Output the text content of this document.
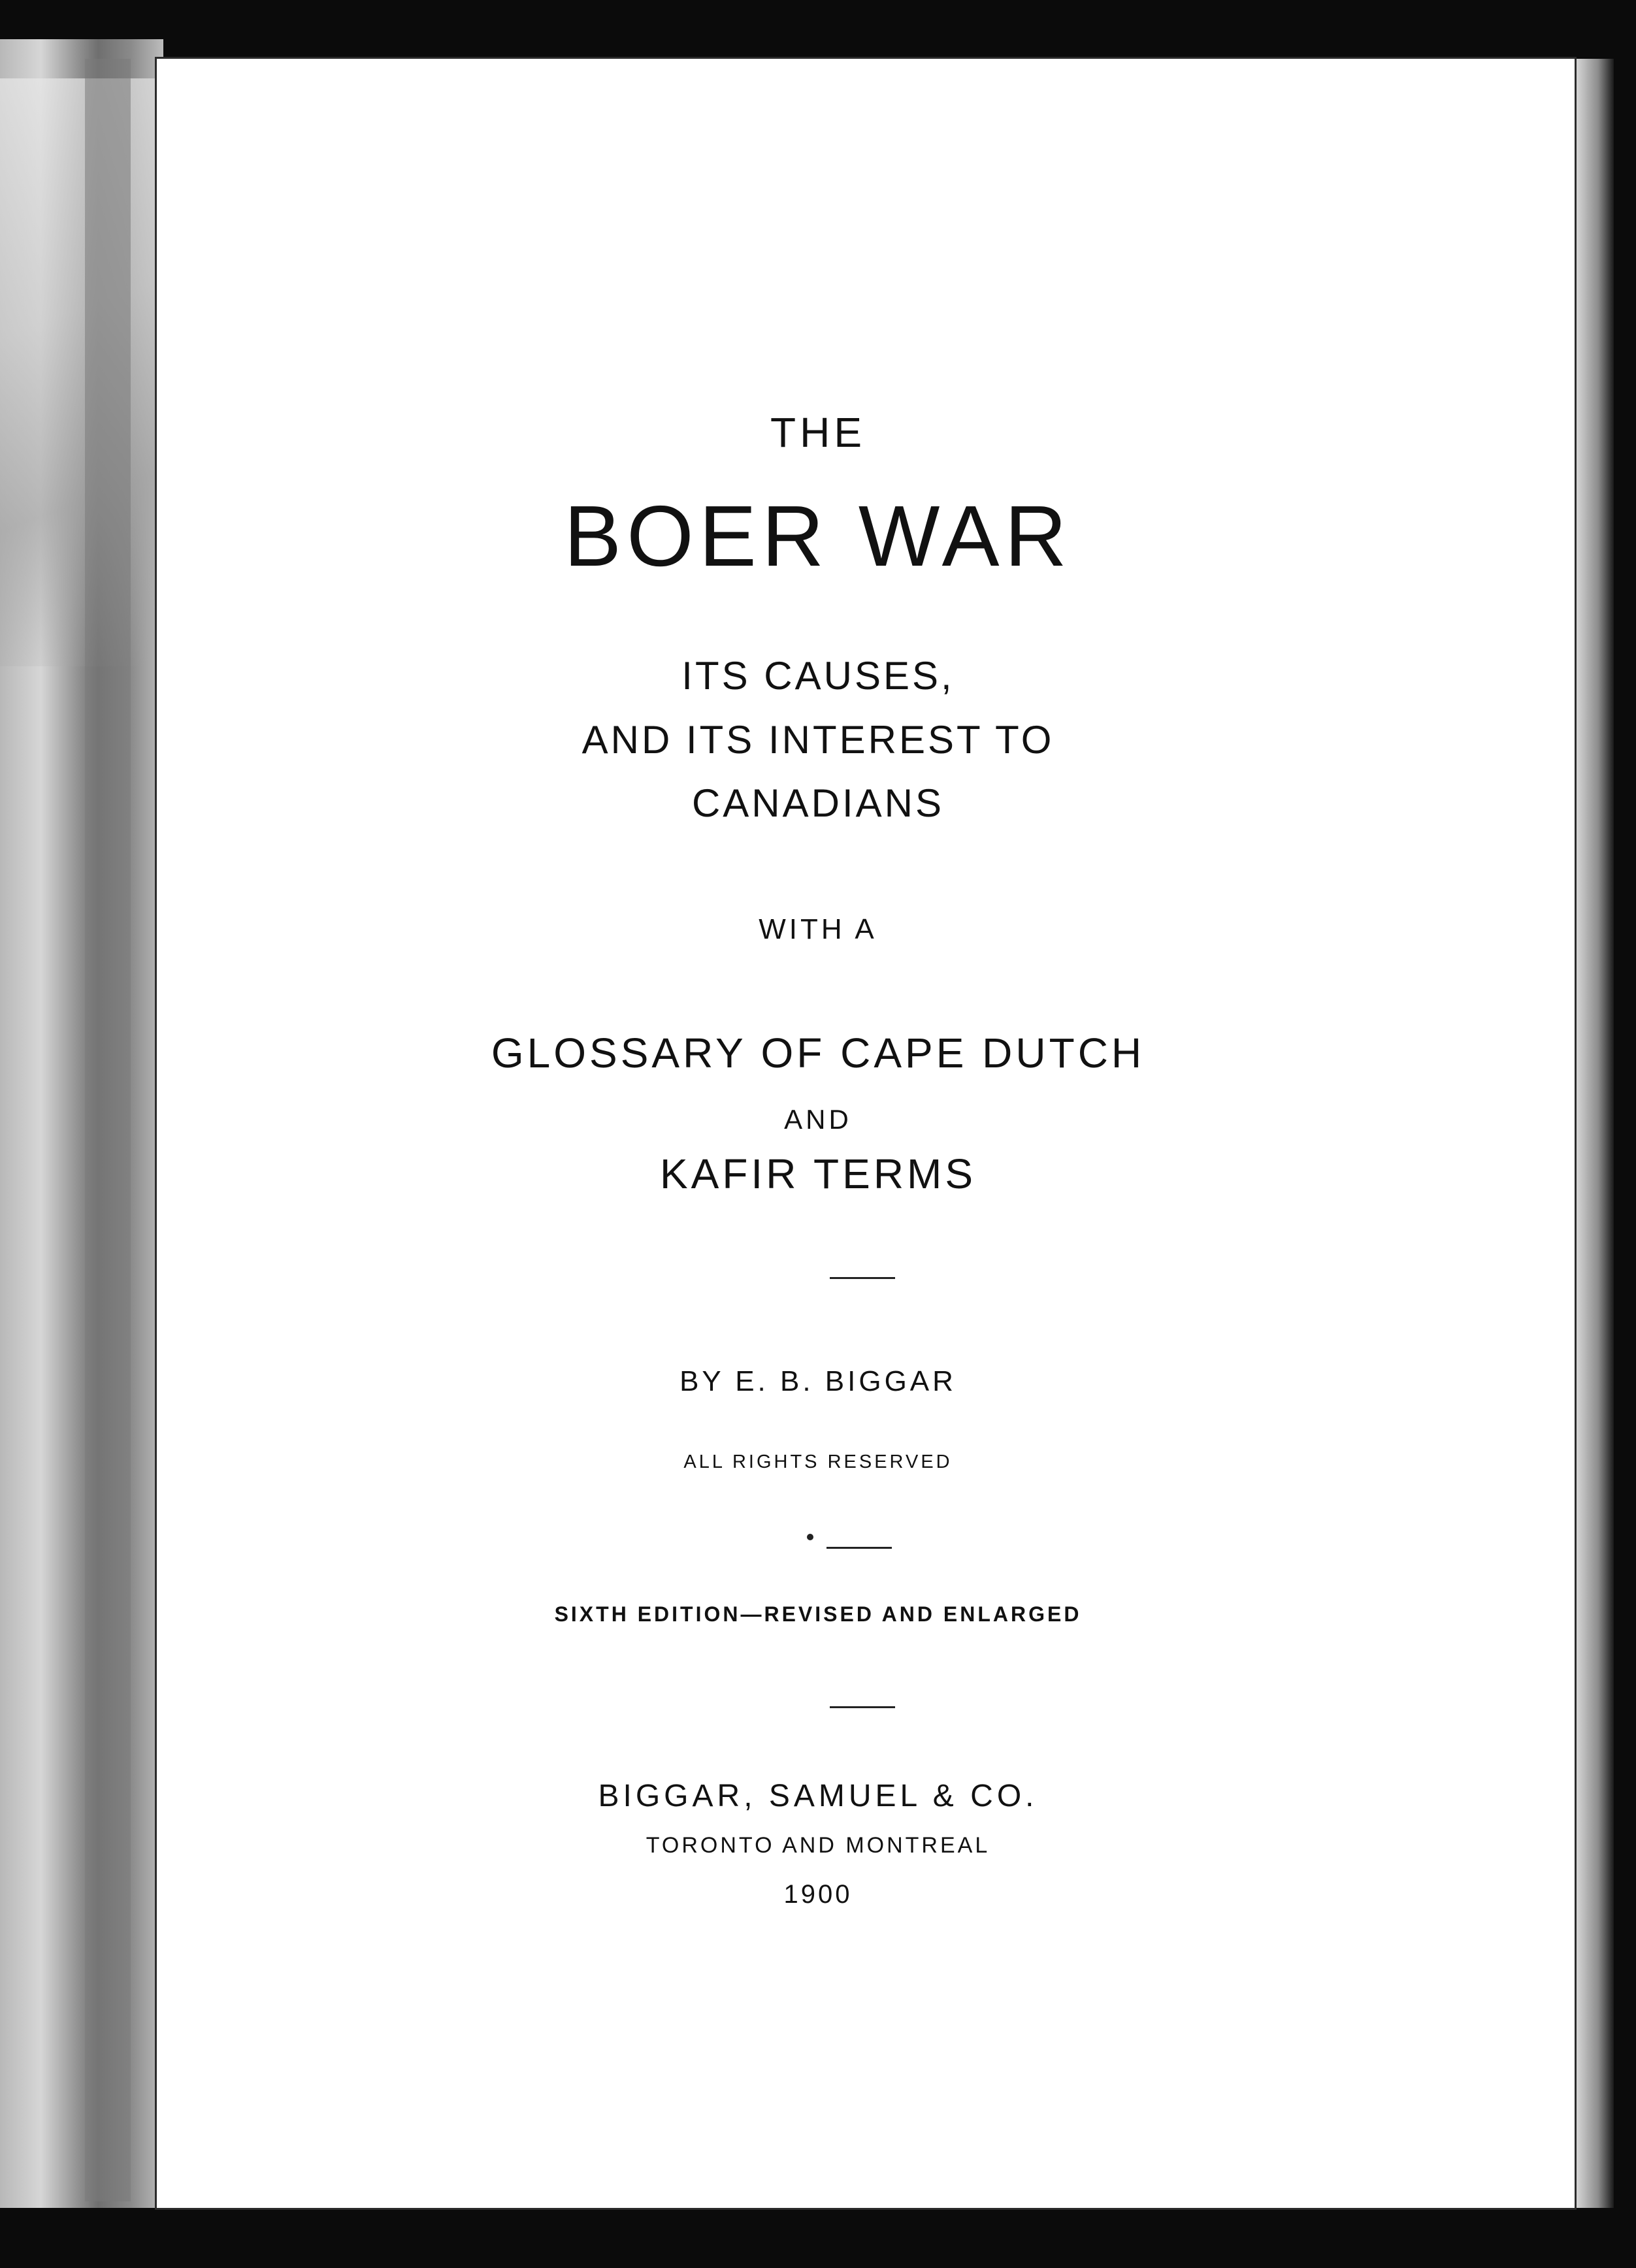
THE
BOER WAR
ITS CAUSES,
AND ITS INTEREST TO
CANADIANS
WITH A
GLOSSARY OF CAPE DUTCH
AND
KAFIR TERMS
BY E. B. BIGGAR
ALL RIGHTS RESERVED
SIXTH EDITION—REVISED AND ENLARGED
BIGGAR, SAMUEL & CO.
TORONTO AND MONTREAL
1900
